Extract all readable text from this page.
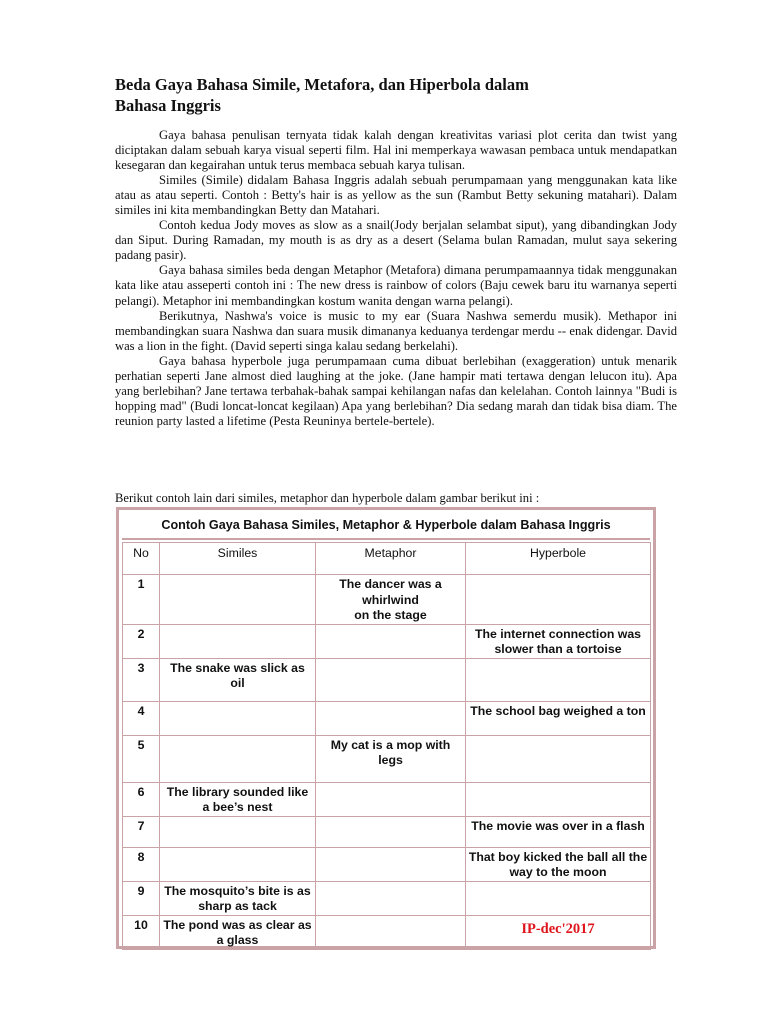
Beda Gaya Bahasa Simile, Metafora, dan Hiperbola dalam
Bahasa Inggris

Gaya bahasa penulisan ternyata tidak kalah dengan kreativitas variasi plot cerita dan twist yang diciptakan dalam sebuah karya visual seperti film. Hal ini memperkaya wawasan pembaca untuk mendapatkan kesegaran dan kegairahan untuk terus membaca sebuah karya tulisan.

Similes (Simile) didalam Bahasa Inggris adalah sebuah perumpamaan yang menggunakan kata like atau as atau seperti. Contoh : Betty's hair is as yellow as the sun (Rambut Betty sekuning matahari). Dalam similes ini kita membandingkan Betty dan Matahari.

Contoh kedua Jody moves as slow as a snail(Jody berjalan selambat siput), yang dibandingkan Jody dan Siput. During Ramadan, my mouth is as dry as a desert (Selama bulan Ramadan, mulut saya sekering padang pasir).

Gaya bahasa similes beda dengan Metaphor (Metafora) dimana perumpamaannya tidak menggunakan kata like atau asseperti contoh ini : The new dress is rainbow of colors (Baju cewek baru itu warnanya seperti pelangi). Metaphor ini membandingkan kostum wanita dengan warna pelangi).

Berikutnya, Nashwa's voice is music to my ear (Suara Nashwa semerdu musik). Methapor ini membandingkan suara Nashwa dan suara musik dimananya keduanya terdengar merdu -- enak didengar. David was a lion in the fight. (David seperti singa kalau sedang berkelahi).

Gaya bahasa hyperbole juga perumpamaan cuma dibuat berlebihan (exaggeration) untuk menarik perhatian seperti Jane almost died laughing at the joke. (Jane hampir mati tertawa dengan lelucon itu). Apa yang berlebihan? Jane tertawa terbahak-bahak sampai kehilangan nafas dan kelelahan. Contoh lainnya "Budi is hopping mad" (Budi loncat-loncat kegilaan) Apa yang berlebihan? Dia sedang marah dan tidak bisa diam. The reunion party lasted a lifetime (Pesta Reuninya bertele-bertele).

Berikut contoh lain dari similes, metaphor dan hyperbole dalam gambar berikut ini :
Contoh Gaya Bahasa Similes, Metaphor & Hyperbole dalam Bahasa Inggris
No	Similes	Metaphor	Hyperbole
1		The dancer was a
whirlwind
on the stage	
2			The internet connection was slower than a tortoise
3	The snake was slick as oil		
4			The school bag weighed a ton
5		My cat is a mop with legs	
6	The library sounded like a bee’s nest		
7			The movie was over in a flash
8			That boy kicked the ball all the way to the moon
9	The mosquito’s bite is as sharp as tack		
10	The pond was as clear as a glass		IP-dec'2017
